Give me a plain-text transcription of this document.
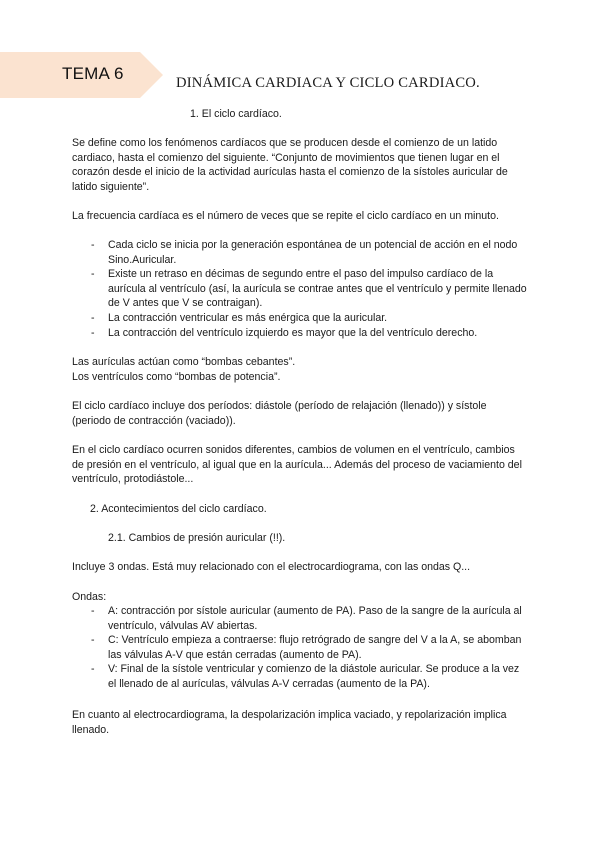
TEMA 6	DINÁMICA CARDIACA Y CICLO CARDIACO.

1. El ciclo cardíaco.

Se define como los fenómenos cardíacos que se producen desde el comienzo de un latido cardiaco, hasta el comienzo del siguiente. “Conjunto de movimientos que tienen lugar en el corazón desde el inicio de la actividad aurículas hasta el comienzo de la sístoles auricular de latido siguiente”.

La frecuencia cardíaca es el número de veces que se repite el ciclo cardíaco en un minuto.

- Cada ciclo se inicia por la generación espontánea de un potencial de acción en el nodo Sino.Auricular.

- Existe un retraso en décimas de segundo entre el paso del impulso cardíaco de la aurícula al ventrículo (así, la aurícula se contrae antes que el ventrículo y permite llenado de V antes que V se contraigan).

- La contracción ventricular es más enérgica que la auricular.

- La contracción del ventrículo izquierdo es mayor que la del ventrículo derecho.

Las aurículas actúan como “bombas cebantes”.

Los ventrículos como “bombas de potencia”.

El ciclo cardíaco incluye dos períodos: diástole (período de relajación (llenado)) y sístole (periodo de contracción (vaciado)).

En el ciclo cardíaco ocurren sonidos diferentes, cambios de volumen en el ventrículo, cambios de presión en el ventrículo, al igual que en la aurícula... Además del proceso de vaciamiento del ventrículo, protodiástole...

2. Acontecimientos del ciclo cardíaco.

2.1. Cambios de presión auricular (!!).

Incluye 3 ondas. Está muy relacionado con el electrocardiograma, con las ondas Q...

Ondas:

- A: contracción por sístole auricular (aumento de PA). Paso de la sangre de la aurícula al ventrículo, válvulas AV abiertas.

- C: Ventrículo empieza a contraerse: flujo retrógrado de sangre del V a la A, se abomban las válvulas A-V que están cerradas (aumento de PA).

- V: Final de la sístole ventricular y comienzo de la diástole auricular. Se produce a la vez el llenado de al aurículas, válvulas A-V cerradas (aumento de la PA).

En cuanto al electrocardiograma, la despolarización implica vaciado, y repolarización implica llenado.
